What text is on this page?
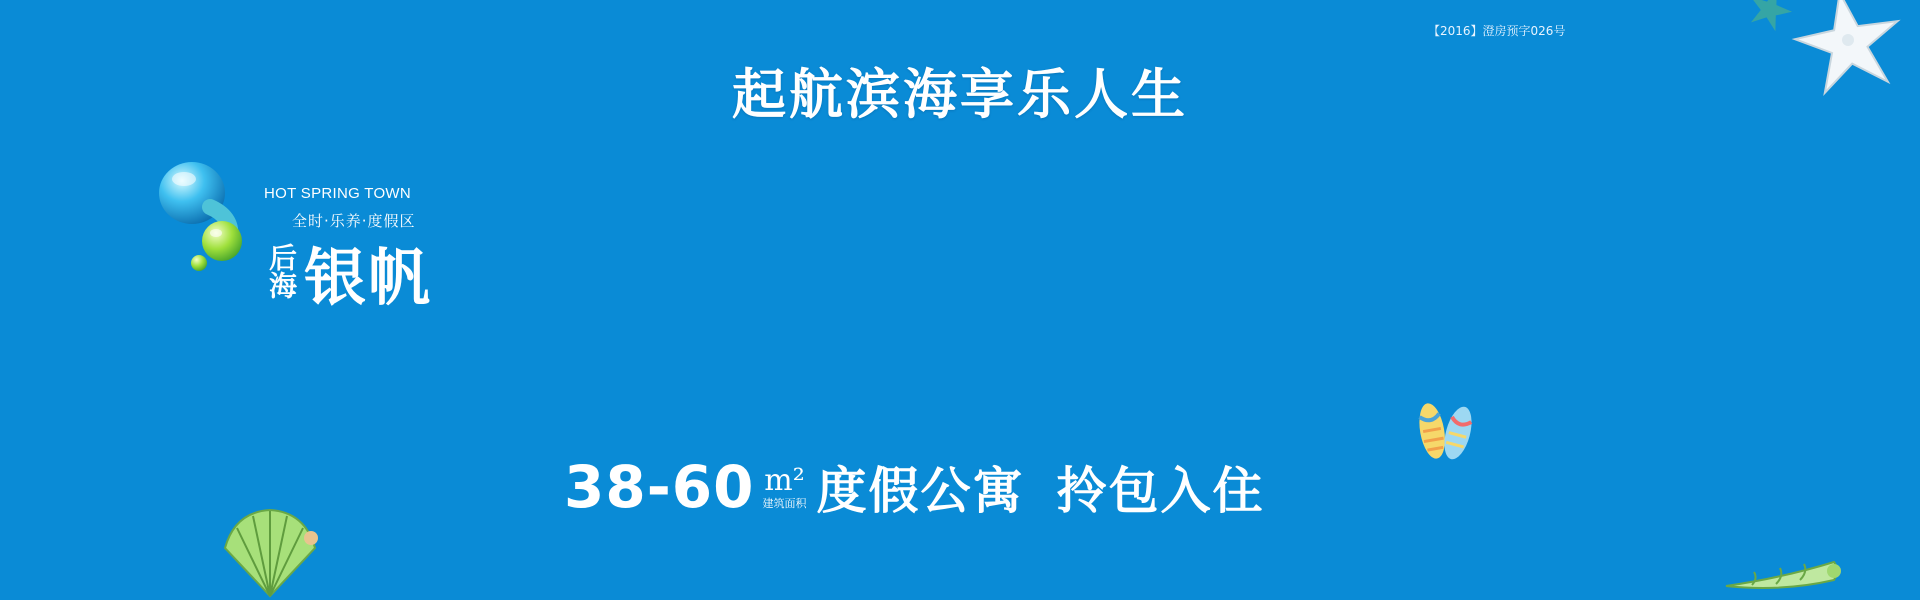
【2016】澄房预字026号
起航滨海享乐人生
HOT SPRING TOWN
全时·乐养·度假区
后海 银帆
38-60 m²
建筑面积 度假公寓 拎包入住
